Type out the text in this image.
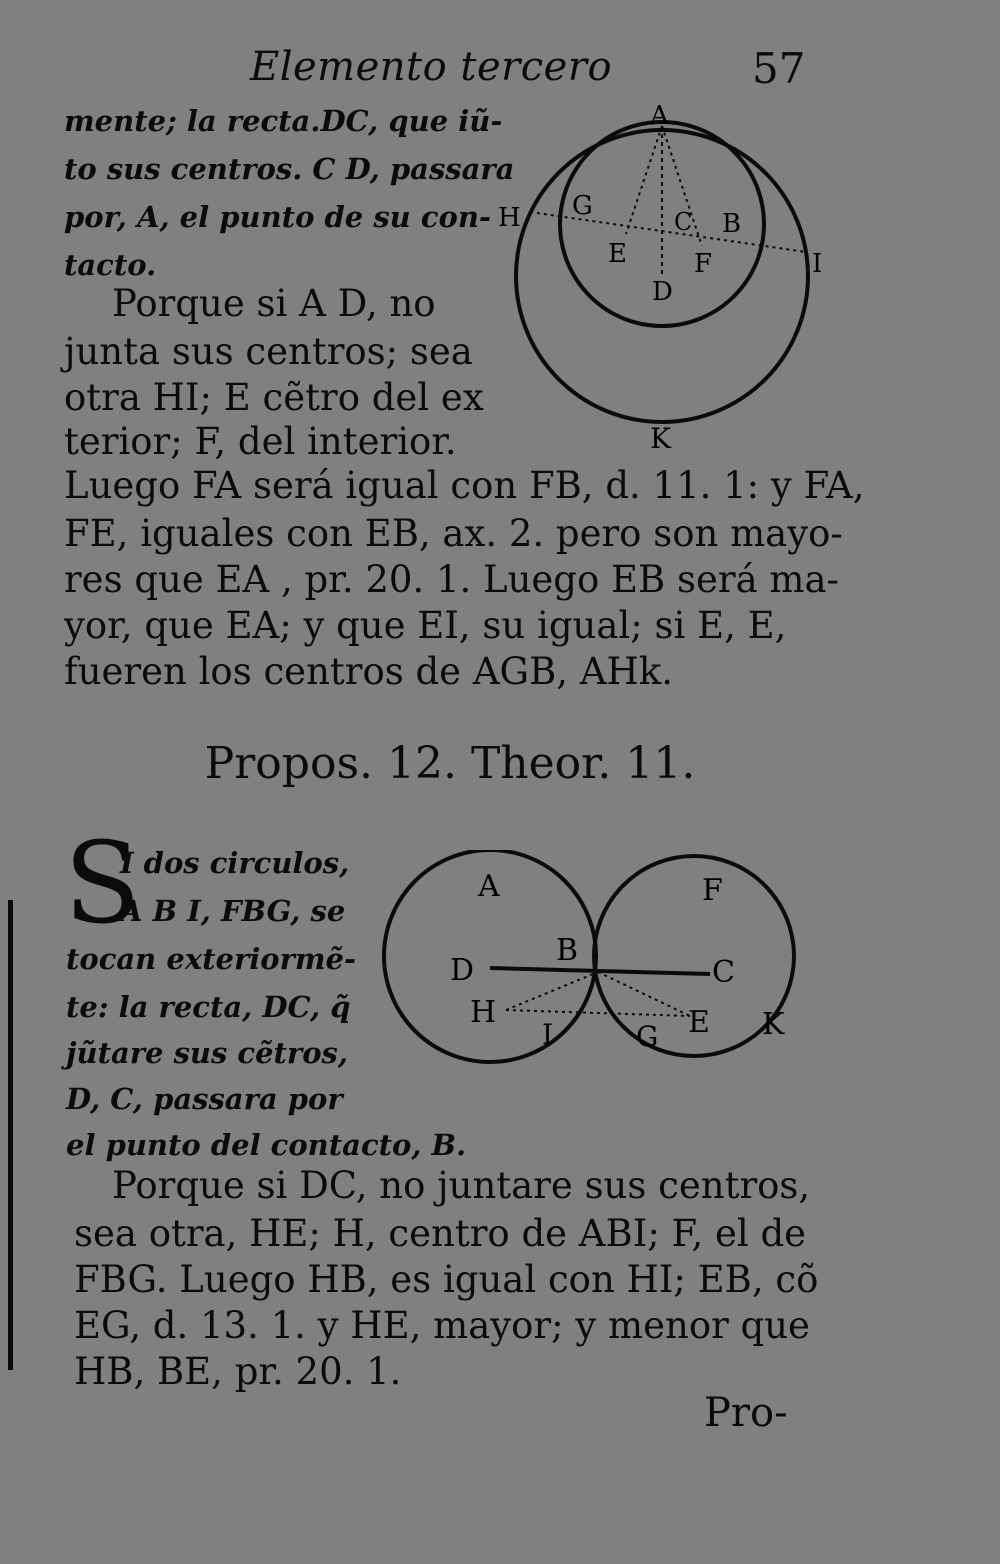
Elemento tercero	57
mente; la recta.DC, que iũ-
to sus centros. C D, passara
por, A, el punto de su con-
tacto.
Porque si A D, no
junta sus centros; sea
otra HI; E cẽtro del ex
terior; F, del interior.
A
G
C B
H
E	F	I
D
K
Luego FA será igual con FB, d. 11. 1: y FA,
FE, iguales con EB, ax. 2. pero son mayo-
res que EA , pr. 20. 1. Luego EB será ma-
yor, que EA; y que EI, su igual; si E, E,
fueren los centros de AGB, AHk.
Propos. 12. Theor. 11.
S
I dos circulos,
A B I, FBG, se
tocan exteriormẽ-
te: la recta, DC, q̃
jũtare sus cẽtros,
D, C, passara por
el punto del contacto, B.
A	F
B
D	C
H	E K
I	G
Porque si DC, no juntare sus centros,
sea otra, HE; H, centro de ABI; F, el de
FBG. Luego HB, es igual con HI; EB, cõ
EG, d. 13. 1. y HE, mayor; y menor que
HB, BE, pr. 20. 1.
Pro-
